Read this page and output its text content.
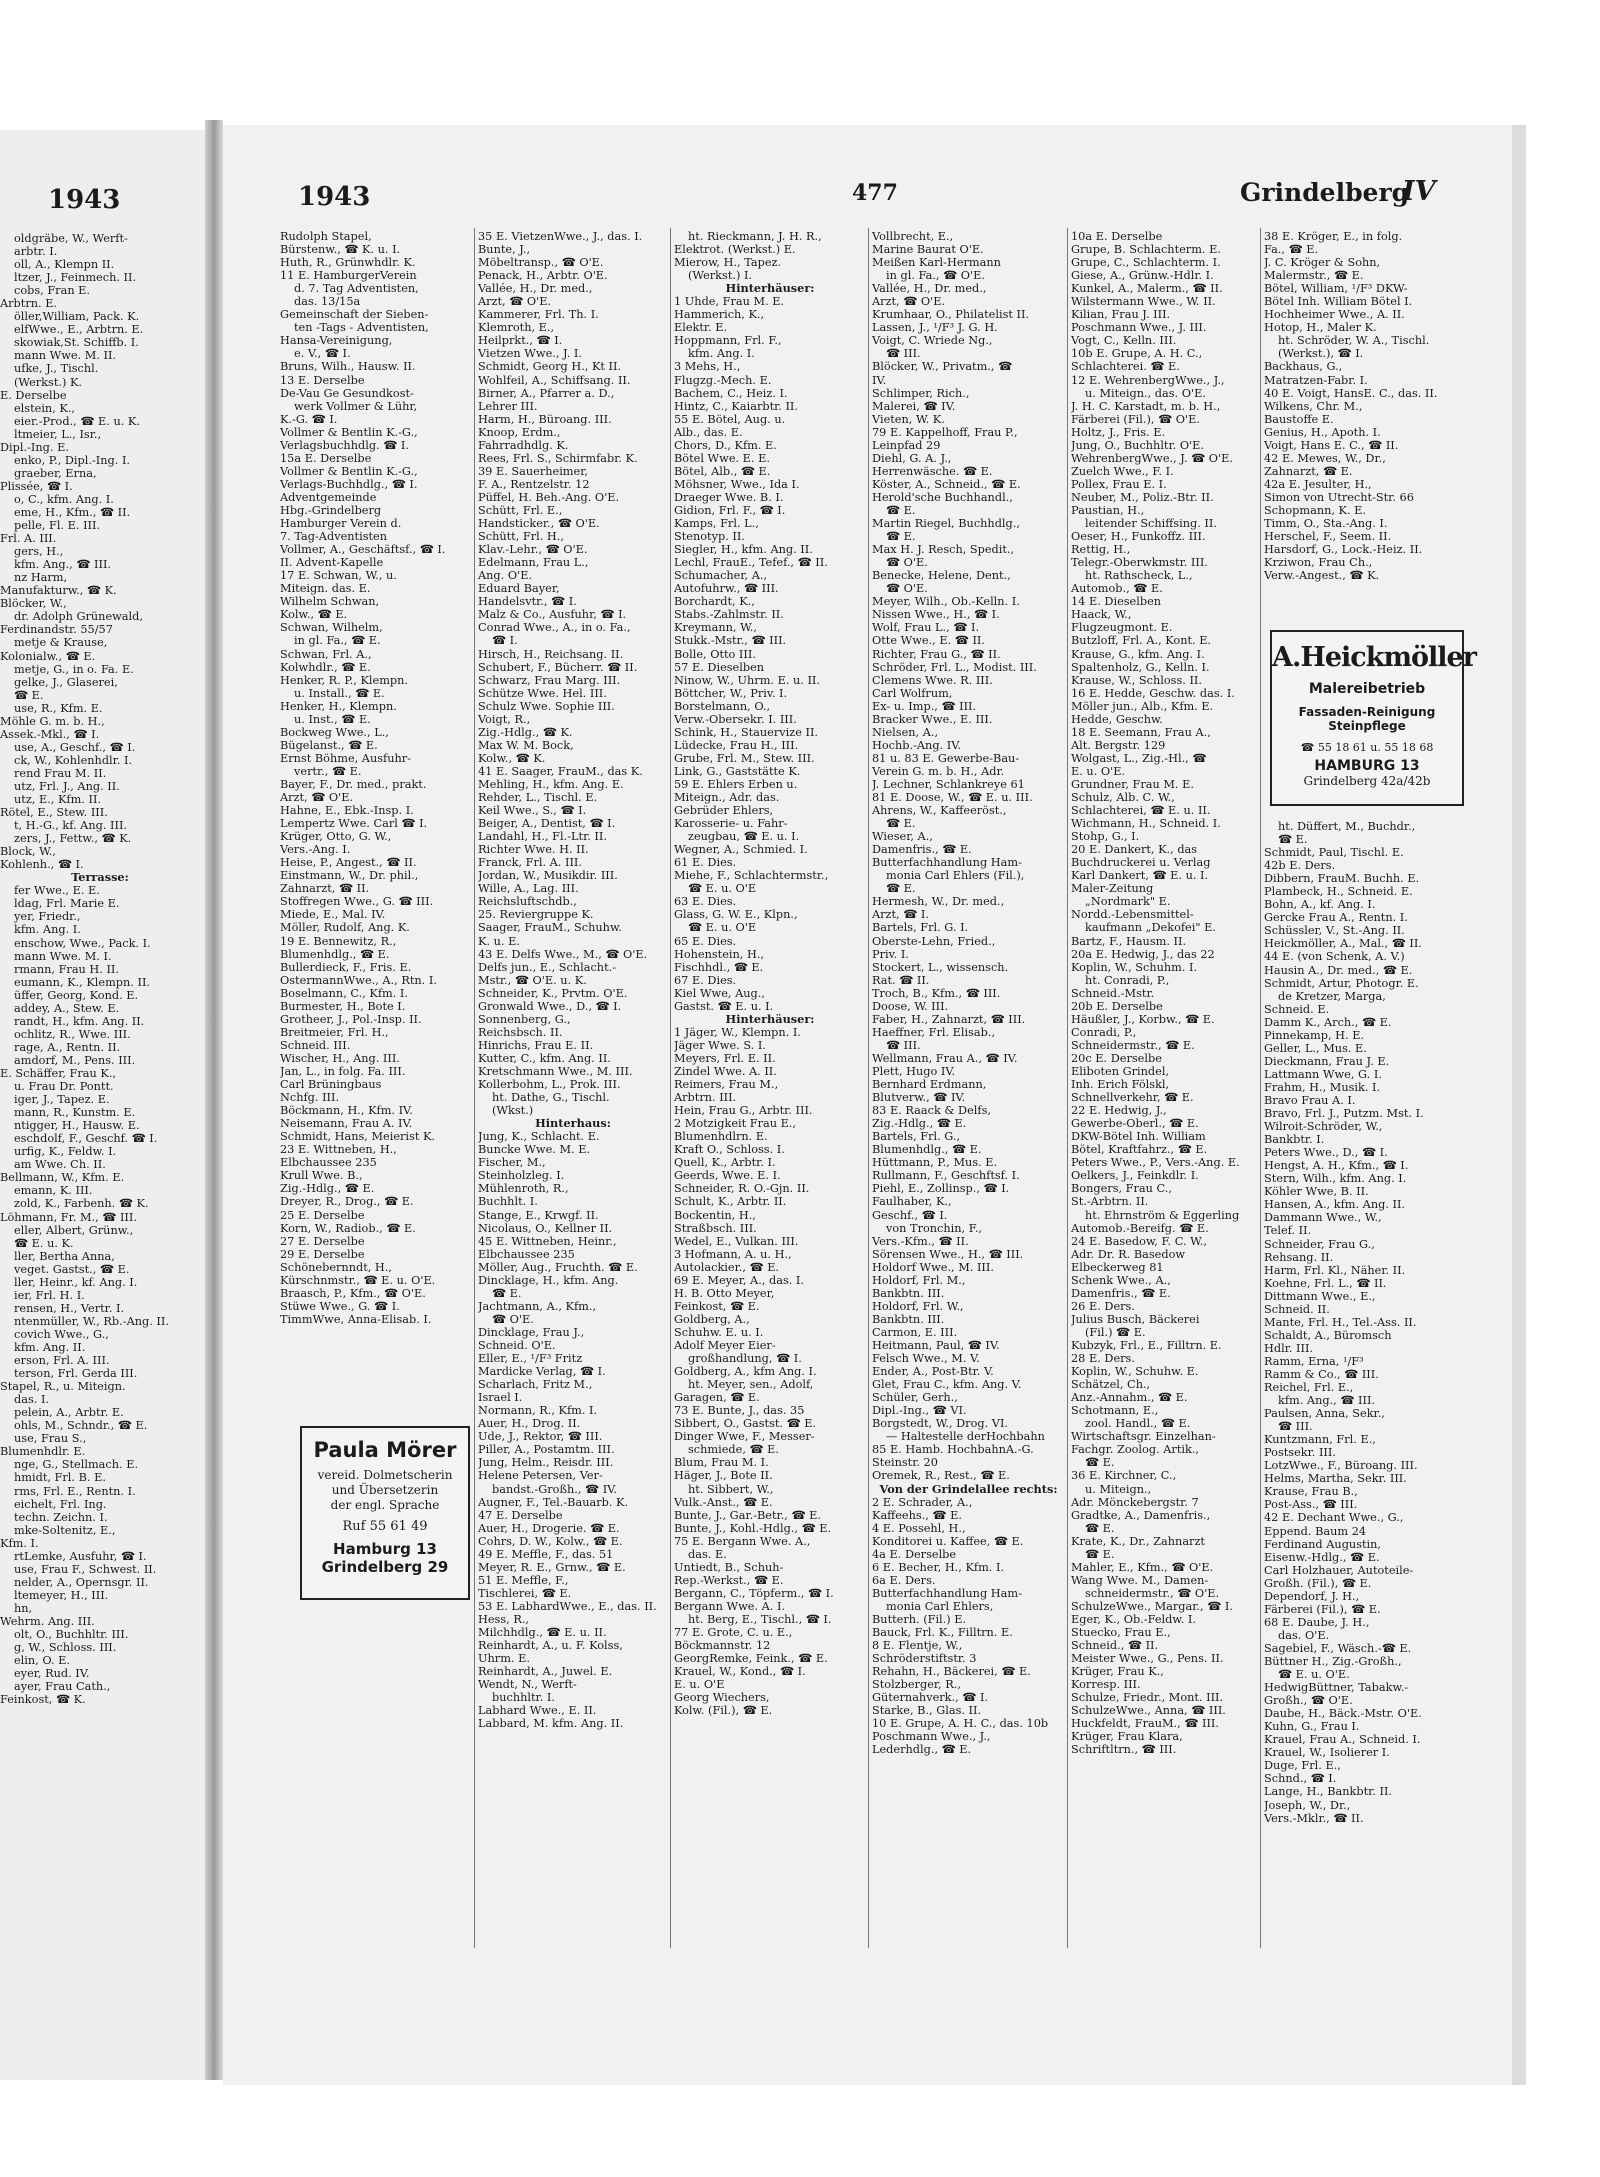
1943	1943	477	Grindelberg
IV
oldgräbe, W., Werft-
arbtr. I.
oll, A., Klempn II.
ltzer, J., Feinmech. II.
cobs, Fran E.
Arbtrn. E.
öller,William, Pack. K.
elfWwe., E., Arbtrn. E.
skowiak,St. Schiffb. I.
mann Wwe. M. II.
ufke, J., Tischl.
(Werkst.) K.
E. Derselbe
elstein, K.,
eier.-Prod., ☎ E. u. K.
ltmeier, L., Isr.,
Dipl.-Ing. E.
enko, P., Dipl.-Ing. I.
graeber, Erna,
Plissée, ☎ I.
o, C., kfm. Ang. I.
eme, H., Kfm., ☎ II.
pelle, Fl. E. III.
Frl. A. III.
gers, H.,
kfm. Ang., ☎ III.
nz Harm,
Manufakturw., ☎ K.
Blöcker, W.,
dr. Adolph Grünewald,
Ferdinandstr. 55/57
metje & Krause,
Kolonialw., ☎ E.
metje, G., in o. Fa. E.
gelke, J., Glaserei,
☎ E.
use, R., Kfm. E.
Möhle G. m. b. H.,
Assek.-Mkl., ☎ I.
use, A., Geschf., ☎ I.
ck, W., Kohlenhdlr. I.
rend Frau M. II.
utz, Frl. J., Ang. II.
utz, E., Kfm. II.
Rötel, E., Stew. III.
t, H.-G., kf. Ang. III.
zers, J., Fettw., ☎ K.
Block, W.,
Kohlenh., ☎ I.
Terrasse:
fer Wwe., E. E.
ldag, Frl. Marie E.
yer, Friedr.,
kfm. Ang. I.
enschow, Wwe., Pack. I.
mann Wwe. M. I.
rmann, Frau H. II.
eumann, K., Klempn. II.
üffer, Georg, Kond. E.
addey, A., Stew. E.
randt, H., kfm. Ang. II.
ochlitz, R., Wwe. III.
rage, A., Rentn. II.
amdorf, M., Pens. III.
E. Schäffer, Frau K.,
u. Frau Dr. Pontt.
iger, J., Tapez. E.
mann, R., Kunstm. E.
ntigger, H., Hausw. E.
eschdolf, F., Geschf. ☎ I.
urfig, K., Feldw. I.
am Wwe. Ch. II.
Bellmann, W., Kfm. E.
emann, K. III.
zold, K., Farbenh. ☎ K.
Löhmann, Fr. M., ☎ III.
eller, Albert, Grünw.,
☎ E. u. K.
ller, Bertha Anna,
veget. Gastst., ☎ E.
ller, Heinr., kf. Ang. I.
ier, Frl. H. I.
rensen, H., Vertr. I.
ntenmüller, W., Rb.-Ang. II.
covich Wwe., G.,
kfm. Ang. II.
erson, Frl. A. III.
terson, Frl. Gerda III.
Stapel, R., u. Miteign.
das. I.
pelein, A., Arbtr. E.
ohls, M., Schndr., ☎ E.
use, Frau S.,
Blumenhdlr. E.
nge, G., Stellmach. E.
hmidt, Frl. B. E.
rms, Frl. E., Rentn. I.
eichelt, Frl. Ing.
techn. Zeichn. I.
mke-Soltenitz, E.,
Kfm. I.
rtLemke, Ausfuhr, ☎ I.
use, Frau F., Schwest. II.
nelder, A., Opernsgr. II.
ltemeyer, H., III.
hn,
Wehrm. Ang. III.
olt, O., Buchhltr. III.
g, W., Schloss. III.
elin, O. E.
eyer, Rud. IV.
ayer, Frau Cath.,
Feinkost, ☎ K.
Rudolph Stapel,
Bürstenw., ☎ K. u. I.
Huth, R., Grünwhdlr. K.
11 E. HamburgerVerein
d. 7. Tag Adventisten,
das. 13/15a
Gemeinschaft der Sieben-
ten -Tags - Adventisten,
Hansa-Vereinigung,
e. V., ☎ I.
Bruns, Wilh., Hausw. II.
13 E. Derselbe
De-Vau Ge Gesundkost-
werk Vollmer & Lühr,
K.-G. ☎ I.
Vollmer & Bentlin K.-G.,
Verlagsbuchhdlg. ☎ I.
15a E. Derselbe
Vollmer & Bentlin K.-G.,
Verlags-Buchhdlg., ☎ I.
Adventgemeinde
Hbg.-Grindelberg
Hamburger Verein d.
7. Tag-Adventisten
Vollmer, A., Geschäftsf., ☎ I.
II. Advent-Kapelle
17 E. Schwan, W., u.
Miteign. das. E.
Wilhelm Schwan,
Kolw., ☎ E.
Schwan, Wilhelm,
in gl. Fa., ☎ E.
Schwan, Frl. A.,
Kolwhdlr., ☎ E.
Henker, R. P., Klempn.
u. Install., ☎ E.
Henker, H., Klempn.
u. Inst., ☎ E.
Bockweg Wwe., L.,
Bügelanst., ☎ E.
Ernst Böhme, Ausfuhr-
vertr., ☎ E.
Bayer, F., Dr. med., prakt.
Arzt, ☎ O'E.
Hahne, E., Ebk.-Insp. I.
Lempertz Wwe. Carl ☎ I.
Krüger, Otto, G. W.,
Vers.-Ang. I.
Heise, P., Angest., ☎ II.
Einstmann, W., Dr. phil.,
Zahnarzt, ☎ II.
Stoffregen Wwe., G. ☎ III.
Miede, E., Mal. IV.
Möller, Rudolf, Ang. K.
19 E. Bennewitz, R.,
Blumenhdlg., ☎ E.
Bullerdieck, F., Fris. E.
OstermannWwe., A., Rtn. I.
Boselmann, C., Kfm. I.
Burmester, H., Bote I.
Grotheer, J., Pol.-Insp. II.
Breitmeier, Frl. H.,
Schneid. III.
Wischer, H., Ang. III.
Jan, L., in folg. Fa. III.
Carl Brüningbaus
Nchfg. III.
Böckmann, H., Kfm. IV.
Neisemann, Frau A. IV.
Schmidt, Hans, Meierist K.
23 E. Wittneben, H.,
Elbchaussee 235
Krull Wwe. B.,
Zig.-Hdlg., ☎ E.
Dreyer, R., Drog., ☎ E.
25 E. Derselbe
Korn, W., Radiob., ☎ E.
27 E. Derselbe
29 E. Derselbe
Schönebernndt, H.,
Kürschnmstr., ☎ E. u. O'E.
Braasch, P., Kfm., ☎ O'E.
Stüwe Wwe., G. ☎ I.
TimmWwe, Anna-Elisab. I.
35 E. VietzenWwe., J., das. I.
Bunte, J.,
Möbeltransp., ☎ O'E.
Penack, H., Arbtr. O'E.
Vallée, H., Dr. med.,
Arzt, ☎ O'E.
Kammerer, Frl. Th. I.
Klemroth, E.,
Heilprkt., ☎ I.
Vietzen Wwe., J. I.
Schmidt, Georg H., Kt II.
Wohlfeil, A., Schiffsang. II.
Birner, A., Pfarrer a. D.,
Lehrer III.
Harm, H., Büroang. III.
Knoop, Erdm.,
Fahrradhdlg. K.
Rees, Frl. S., Schirmfabr. K.
39 E. Sauerheimer,
F. A., Rentzelstr. 12
Püffel, H. Beh.-Ang. O'E.
Schütt, Frl. E.,
Handsticker., ☎ O'E.
Schütt, Frl. H.,
Klav.-Lehr., ☎ O'E.
Edelmann, Frau L.,
Ang. O'E.
Eduard Bayer,
Handelsvtr., ☎ I.
Malz & Co., Ausfuhr, ☎ I.
Conrad Wwe., A., in o. Fa.,
☎ I.
Hirsch, H., Reichsang. II.
Schubert, F., Bücherr. ☎ II.
Schwarz, Frau Marg. III.
Schütze Wwe. Hel. III.
Schulz Wwe. Sophie III.
Voigt, R.,
Zig.-Hdlg., ☎ K.
Max W. M. Bock,
Kolw., ☎ K.
41 E. Saager, FrauM., das K.
Mehling, H., kfm. Ang. E.
Rehder, L., Tischl. E.
Keil Wwe., S., ☎ I.
Beiger, A., Dentist, ☎ I.
Landahl, H., Fl.-Ltr. II.
Richter Wwe. H. II.
Franck, Frl. A. III.
Jordan, W., Musikdir. III.
Wille, A., Lag. III.
Reichsluftschdb.,
25. Reviergruppe K.
Saager, FrauM., Schuhw.
K. u. E.
43 E. Delfs Wwe., M., ☎ O'E.
Delfs jun., E., Schlacht.-
Mstr., ☎ O'E. u. K.
Schneider, K., Prvtm. O'E.
Gronwald Wwe., D., ☎ I.
Sonnenberg, G.,
Reichsbsch. II.
Hinrichs, Frau E. II.
Kutter, C., kfm. Ang. II.
Kretschmann Wwe., M. III.
Kollerbohm, L., Prok. III.
ht. Dathe, G., Tischl.
(Wkst.)
Hinterhaus:
Jung, K., Schlacht. E.
Buncke Wwe. M. E.
Fischer, M.,
Steinholzleg. I.
Mühlenroth, R.,
Buchhlt. I.
Stange, E., Krwgf. II.
Nicolaus, O., Kellner II.
45 E. Wittneben, Heinr.,
Elbchaussee 235
Möller, Aug., Fruchth. ☎ E.
Dincklage, H., kfm. Ang.
☎ E.
Jachtmann, A., Kfm.,
☎ O'E.
Dincklage, Frau J.,
Schneid. O'E.
Eller, E., ¹/F³ Fritz
Mardicke Verlag, ☎ I.
Scharlach, Fritz M.,
Israel I.
Normann, R., Kfm. I.
Auer, H., Drog. II.
Ude, J., Rektor, ☎ III.
Piller, A., Postamtm. III.
Jung, Helm., Reisdr. III.
Helene Petersen, Ver-
bandst.-Großh., ☎ IV.
Augner, F., Tel.-Bauarb. K.
47 E. Derselbe
Auer, H., Drogerie. ☎ E.
Cohrs, D. W., Kolw., ☎ E.
49 E. Meffle, F., das. 51
Meyer, R. E., Grnw., ☎ E.
51 E. Meffle, F.,
Tischlerei, ☎ E.
53 E. LabhardWwe., E., das. II.
Hess, R.,
Milchhdlg., ☎ E. u. II.
Reinhardt, A., u. F. Kolss,
Uhrm. E.
Reinhardt, A., Juwel. E.
Wendt, N., Werft-
buchhltr. I.
Labhard Wwe., E. II.
Labbard, M. kfm. Ang. II.
ht. Rieckmann, J. H. R.,
Elektrot. (Werkst.) E.
Mierow, H., Tapez.
(Werkst.) I.
Hinterhäuser:
1 Uhde, Frau M. E.
Hammerich, K.,
Elektr. E.
Hoppmann, Frl. F.,
kfm. Ang. I.
3 Mehs, H.,
Flugzg.-Mech. E.
Bachem, C., Heiz. I.
Hintz, C., Kaiarbtr. II.
55 E. Bötel, Aug. u.
Alb., das. E.
Chors, D., Kfm. E.
Bötel Wwe. E. E.
Bötel, Alb., ☎ E.
Möhsner, Wwe., Ida I.
Draeger Wwe. B. I.
Gidion, Frl. F., ☎ I.
Kamps, Frl. L.,
Stenotyp. II.
Siegler, H., kfm. Ang. II.
Lechl, FrauE., Tefef., ☎ II.
Schumacher, A.,
Autofuhrw., ☎ III.
Borchardt, K.,
Stabs.-Zahlmstr. II.
Kreymann, W.,
Stukk.-Mstr., ☎ III.
Bolle, Otto III.
57 E. Dieselben
Ninow, W., Uhrm. E. u. II.
Böttcher, W., Priv. I.
Borstelmann, O.,
Verw.-Obersekr. I. III.
Schink, H., Stauervize II.
Lüdecke, Frau H., III.
Grube, Frl. M., Stew. III.
Link, G., Gaststätte K.
59 E. Ehlers Erben u.
Miteign., Adr. das.
Gebrüder Ehlers,
Karosserie- u. Fahr-
zeugbau, ☎ E. u. I.
Wegner, A., Schmied. I.
61 E. Dies.
Miehe, F., Schlachtermstr.,
☎ E. u. O'E
63 E. Dies.
Glass, G. W. E., Klpn.,
☎ E. u. O'E
65 E. Dies.
Hohenstein, H.,
Fischhdl., ☎ E.
67 E. Dies.
Kiel Wwe, Aug.,
Gastst. ☎ E. u. I.
Hinterhäuser:
1 Jäger, W., Klempn. I.
Jäger Wwe. S. I.
Meyers, Frl. E. II.
Zindel Wwe. A. II.
Reimers, Frau M.,
Arbtrn. III.
Hein, Frau G., Arbtr. III.
2 Motzigkeit Frau E.,
Blumenhdlrn. E.
Kraft O., Schloss. I.
Quell, K., Arbtr. I.
Geerds, Wwe. E. I.
Schneider, R. O.-Gjn. II.
Schult, K., Arbtr. II.
Bockentin, H.,
Straßbsch. III.
Wedel, E., Vulkan. III.
3 Hofmann, A. u. H.,
Autolackier., ☎ E.
69 E. Meyer, A., das. I.
H. B. Otto Meyer,
Feinkost, ☎ E.
Goldberg, A.,
Schuhw. E. u. I.
Adolf Meyer Eier-
großhandlung, ☎ I.
Goldberg, A., kfm Ang. I.
ht. Meyer, sen., Adolf,
Garagen, ☎ E.
73 E. Bunte, J., das. 35
Sibbert, O., Gastst. ☎ E.
Dinger Wwe, F., Messer-
schmiede, ☎ E.
Blum, Frau M. I.
Häger, J., Bote II.
ht. Sibbert, W.,
Vulk.-Anst., ☎ E.
Bunte, J., Gar.-Betr., ☎ E.
Bunte, J., Kohl.-Hdlg., ☎ E.
75 E. Bergann Wwe. A.,
das. E.
Untiedt, B., Schuh-
Rep.-Werkst., ☎ E.
Bergann, C., Töpferm., ☎ I.
Bergann Wwe. A. I.
ht. Berg, E., Tischl., ☎ I.
77 E. Grote, C. u. E.,
Böckmannstr. 12
GeorgRemke, Feink., ☎ E.
Krauel, W., Kond., ☎ I.
E. u. O'E
Georg Wiechers,
Kolw. (Fil.), ☎ E.
Vollbrecht, E.,
Marine Baurat O'E.
Meißen Karl-Hermann
in gl. Fa., ☎ O'E.
Vallée, H., Dr. med.,
Arzt, ☎ O'E.
Krumhaar, O., Philatelist II.
Lassen, J., ¹/F³ J. G. H.
Voigt, C. Wriede Ng.,
☎ III.
Blöcker, W., Privatm., ☎
IV.
Schlimper, Rich.,
Malerei, ☎ IV.
Vieten, W. K.
79 E. Kappelhoff, Frau P.,
Leinpfad 29
Diehl, G. A. J.,
Herrenwäsche. ☎ E.
Köster, A., Schneid., ☎ E.
Herold'sche Buchhandl.,
☎ E.
Martin Riegel, Buchhdlg.,
☎ E.
Max H. J. Resch, Spedit.,
☎ O'E.
Benecke, Helene, Dent.,
☎ O'E.
Meyer, Wilh., Ob.-Kelln. I.
Nissen Wwe., H., ☎ I.
Wolf, Frau L., ☎ I.
Otte Wwe., E. ☎ II.
Richter, Frau G., ☎ II.
Schröder, Frl. L., Modist. III.
Clemens Wwe. R. III.
Carl Wolfrum,
Ex- u. Imp., ☎ III.
Bracker Wwe., E. III.
Nielsen, A.,
Hochb.-Ang. IV.
81 u. 83 E. Gewerbe-Bau-
Verein G. m. b. H., Adr.
J. Lechner, Schlankreye 61
81 E. Doose, W., ☎ E. u. III.
Ahrens, W., Kaffeeröst.,
☎ E.
Wieser, A.,
Damenfris., ☎ E.
Butterfachhandlung Ham-
monia Carl Ehlers (Fil.),
☎ E.
Hermesh, W., Dr. med.,
Arzt, ☎ I.
Bartels, Frl. G. I.
Oberste-Lehn, Fried.,
Priv. I.
Stockert, L., wissensch.
Rat. ☎ II.
Troch, B., Kfm., ☎ III.
Doose, W. III.
Faber, H., Zahnarzt, ☎ III.
Haeffner, Frl. Elisab.,
☎ III.
Wellmann, Frau A., ☎ IV.
Plett, Hugo IV.
Bernhard Erdmann,
Blutverw., ☎ IV.
83 E. Raack & Delfs,
Zig.-Hdlg., ☎ E.
Bartels, Frl. G.,
Blumenhdlg., ☎ E.
Hüttmann, P., Mus. E.
Rullmann, F., Geschftsf. I.
Piehl, E., Zollinsp., ☎ I.
Faulhaber, K.,
Geschf., ☎ I.
von Tronchin, F.,
Vers.-Kfm., ☎ II.
Sörensen Wwe., H., ☎ III.
Holdorf Wwe., M. III.
Holdorf, Frl. M.,
Bankbtn. III.
Holdorf, Frl. W.,
Bankbtn. III.
Carmon, E. III.
Heitmann, Paul, ☎ IV.
Felsch Wwe., M. V.
Ender, A., Post-Btr. V.
Glet, Frau C., kfm. Ang. V.
Schüler, Gerh.,
Dipl.-Ing., ☎ VI.
Borgstedt, W., Drog. VI.
— Haltestelle derHochbahn
85 E. Hamb. HochbahnA.-G.
Steinstr. 20
Oremek, R., Rest., ☎ E.
Von der Grindelallee rechts:
2 E. Schrader, A.,
Kaffeehs., ☎ E.
4 E. Possehl, H.,
Konditorei u. Kaffee, ☎ E.
4a E. Derselbe
6 E. Becher, H., Kfm. I.
6a E. Ders.
Butterfachhandlung Ham-
monia Carl Ehlers,
Butterh. (Fil.) E.
Bauck, Frl. K., Filltrn. E.
8 E. Flentje, W.,
Schröderstiftstr. 3
Rehahn, H., Bäckerei, ☎ E.
Stolzberger, R.,
Güternahverk., ☎ I.
Starke, B., Glas. II.
10 E. Grupe, A. H. C., das. 10b
Poschmann Wwe., J.,
Lederhdlg., ☎ E.
10a E. Derselbe
Grupe, B. Schlachterm. E.
Grupe, C., Schlachterm. I.
Giese, A., Grünw.-Hdlr. I.
Kunkel, A., Malerm., ☎ II.
Wilstermann Wwe., W. II.
Kilian, Frau J. III.
Poschmann Wwe., J. III.
Vogt, C., Kelln. III.
10b E. Grupe, A. H. C.,
Schlachterei. ☎ E.
12 E. WehrenbergWwe., J.,
u. Miteign., das. O'E.
J. H. C. Karstadt, m. b. H.,
Färberei (Fil.), ☎ O'E.
Holtz, J., Fris. E.
Jung, O., Buchhltr. O'E.
WehrenbergWwe., J. ☎ O'E.
Zuelch Wwe., F. I.
Pollex, Frau E. I.
Neuber, M., Poliz.-Btr. II.
Paustian, H.,
leitender Schiffsing. II.
Oeser, H., Funkoffz. III.
Rettig, H.,
Telegr.-Oberwkmstr. III.
ht. Rathscheck, L.,
Automob., ☎ E.
14 E. Dieselben
Haack, W.,
Flugzeugmont. E.
Butzloff, Frl. A., Kont. E.
Krause, G., kfm. Ang. I.
Spaltenholz, G., Kelln. I.
Krause, W., Schloss. II.
16 E. Hedde, Geschw. das. I.
Möller jun., Alb., Kfm. E.
Hedde, Geschw.
18 E. Seemann, Frau A.,
Alt. Bergstr. 129
Wolgast, L., Zig.-Hl., ☎
E. u. O'E.
Grundner, Frau M. E.
Schulz, Alb. C. W.,
Schlachterei, ☎ E. u. II.
Wichmann, H., Schneid. I.
Stohp, G., I.
20 E. Dankert, K., das
Buchdruckerei u. Verlag
Karl Dankert, ☎ E. u. I.
Maler-Zeitung
„Nordmark" E.
Nordd.-Lebensmittel-
kaufmann „Dekofei" E.
Bartz, F., Hausm. II.
20a E. Hedwig, J., das 22
Koplin, W., Schuhm. I.
ht. Conradi, P.,
Schneid.-Mstr.
20b E. Derselbe
Häußler, J., Korbw., ☎ E.
Conradi, P.,
Schneidermstr., ☎ E.
20c E. Derselbe
Eliboten Grindel,
Inh. Erich Fölskl,
Schnellverkehr, ☎ E.
22 E. Hedwig, J.,
Gewerbe-Oberl., ☎ E.
DKW-Bötel Inh. William
Bötel, Kraftfahrz., ☎ E.
Peters Wwe., P., Vers.-Ang. E.
Oelkers, J., Feinkdlr. I.
Bongers, Frau C.,
St.-Arbtrn. II.
ht. Ehrnström & Eggerling
Automob.-Bereifg. ☎ E.
24 E. Basedow, F. C. W.,
Adr. Dr. R. Basedow
Elbeckerweg 81
Schenk Wwe., A.,
Damenfris., ☎ E.
26 E. Ders.
Julius Busch, Bäckerei
(Fil.) ☎ E.
Kubzyk, Frl., E., Filltrn. E.
28 E. Ders.
Koplin, W., Schuhw. E.
Schätzel, Ch.,
Anz.-Annahm., ☎ E.
Schotmann, E.,
zool. Handl., ☎ E.
Wirtschaftsgr. Einzelhan-
Fachgr. Zoolog. Artik.,
☎ E.
36 E. Kirchner, C.,
u. Miteign.,
Adr. Mönckebergstr. 7
Gradtke, A., Damenfris.,
☎ E.
Krate, K., Dr., Zahnarzt
☎ E.
Mahler, E., Kfm., ☎ O'E.
Wang Wwe. M., Damen-
schneidermstr., ☎ O'E.
SchulzeWwe., Margar., ☎ I.
Eger, K., Ob.-Feldw. I.
Stuecko, Frau E.,
Schneid., ☎ II.
Meister Wwe., G., Pens. II.
Krüger, Frau K.,
Korresp. III.
Schulze, Friedr., Mont. III.
SchulzeWwe., Anna, ☎ III.
Huckfeldt, FrauM., ☎ III.
Krüger, Frau Klara,
Schriftltrn., ☎ III.
38 E. Kröger, E., in folg.
Fa., ☎ E.
J. C. Kröger & Sohn,
Malermstr., ☎ E.
Bötel, William, ¹/F³ DKW-
Bötel Inh. William Bötel I.
Hochheimer Wwe., A. II.
Hotop, H., Maler K.
ht. Schröder, W. A., Tischl.
(Werkst.), ☎ I.
Backhaus, G.,
Matratzen-Fabr. I.
40 E. Voigt, HansE. C., das. II.
Wilkens, Chr. M.,
Baustoffe E.
Genius, H., Apoth. I.
Voigt, Hans E. C., ☎ II.
42 E. Mewes, W., Dr.,
Zahnarzt, ☎ E.
42a E. Jesulter, H.,
Simon von Utrecht-Str. 66
Schopmann, K. E.
Timm, O., Sta.-Ang. I.
Herschel, F., Seem. II.
Harsdorf, G., Lock.-Heiz. II.
Krziwon, Frau Ch.,
Verw.-Angest., ☎ K.
ht. Düffert, M., Buchdr.,
☎ E.
Schmidt, Paul, Tischl. E.
42b E. Ders.
Dibbern, FrauM. Buchh. E.
Plambeck, H., Schneid. E.
Bohn, A., kf. Ang. I.
Gercke Frau A., Rentn. I.
Schüssler, V., St.-Ang. II.
Heickmöller, A., Mal., ☎ II.
44 E. (von Schenk, A. V.)
Hausin A., Dr. med., ☎ E.
Schmidt, Artur, Photogr. E.
de Kretzer, Marga,
Schneid. E.
Damm K., Arch., ☎ E.
Pinnekamp, H. E.
Geller, L., Mus. E.
Dieckmann, Frau J. E.
Lattmann Wwe, G. I.
Frahm, H., Musik. I.
Bravo Frau A. I.
Bravo, Frl. J., Putzm. Mst. I.
Wilroit-Schröder, W.,
Bankbtr. I.
Peters Wwe., D., ☎ I.
Hengst, A. H., Kfm., ☎ I.
Stern, Wilh., kfm. Ang. I.
Köhler Wwe, B. II.
Hansen, A., kfm. Ang. II.
Dammann Wwe., W.,
Telef. II.
Schneider, Frau G.,
Rehsang. II.
Harm, Frl. Kl., Näher. II.
Koehne, Frl. L., ☎ II.
Dittmann Wwe., E.,
Schneid. II.
Mante, Frl. H., Tel.-Ass. II.
Schaldt, A., Büromsch
Hdlr. III.
Ramm, Erna, ¹/F³
Ramm & Co., ☎ III.
Reichel, Frl. E.,
kfm. Ang., ☎ III.
Paulsen, Anna, Sekr.,
☎ III.
Kuntzmann, Frl. E.,
Postsekr. III.
LotzWwe., F., Büroang. III.
Helms, Martha, Sekr. III.
Krause, Frau B.,
Post-Ass., ☎ III.
42 E. Dechant Wwe., G.,
Eppend. Baum 24
Ferdinand Augustin,
Eisenw.-Hdlg., ☎ E.
Carl Holzhauer, Autoteile-
Großh. (Fil.), ☎ E.
Dependorf, J. H.,
Färberei (Fil.), ☎ E.
68 E. Daube, J. H.,
das. O'E.
Sagebiel, F., Wäsch.-☎ E.
Büttner H., Zig.-Großh.,
☎ E. u. O'E.
HedwigBüttner, Tabakw.-
Großh., ☎ O'E.
Daube, H., Bäck.-Mstr. O'E.
Kuhn, G., Frau I.
Krauel, Frau A., Schneid. I.
Krauel, W., Isolierer I.
Duge, Frl. E.,
Schnd., ☎ I.
Lange, H., Bankbtr. II.
Joseph, W., Dr.,
Vers.-Mklr., ☎ II.
Paula Mörer
vereid. Dolmetscherin
und Übersetzerin
der engl. Sprache
Ruf 55 61 49
Hamburg 13
Grindelberg 29
A.Heickmöller
Malereibetrieb
Fassaden-Reinigung
Steinpflege
☎ 55 18 61 u. 55 18 68
HAMBURG 13
Grindelberg 42a/42b
